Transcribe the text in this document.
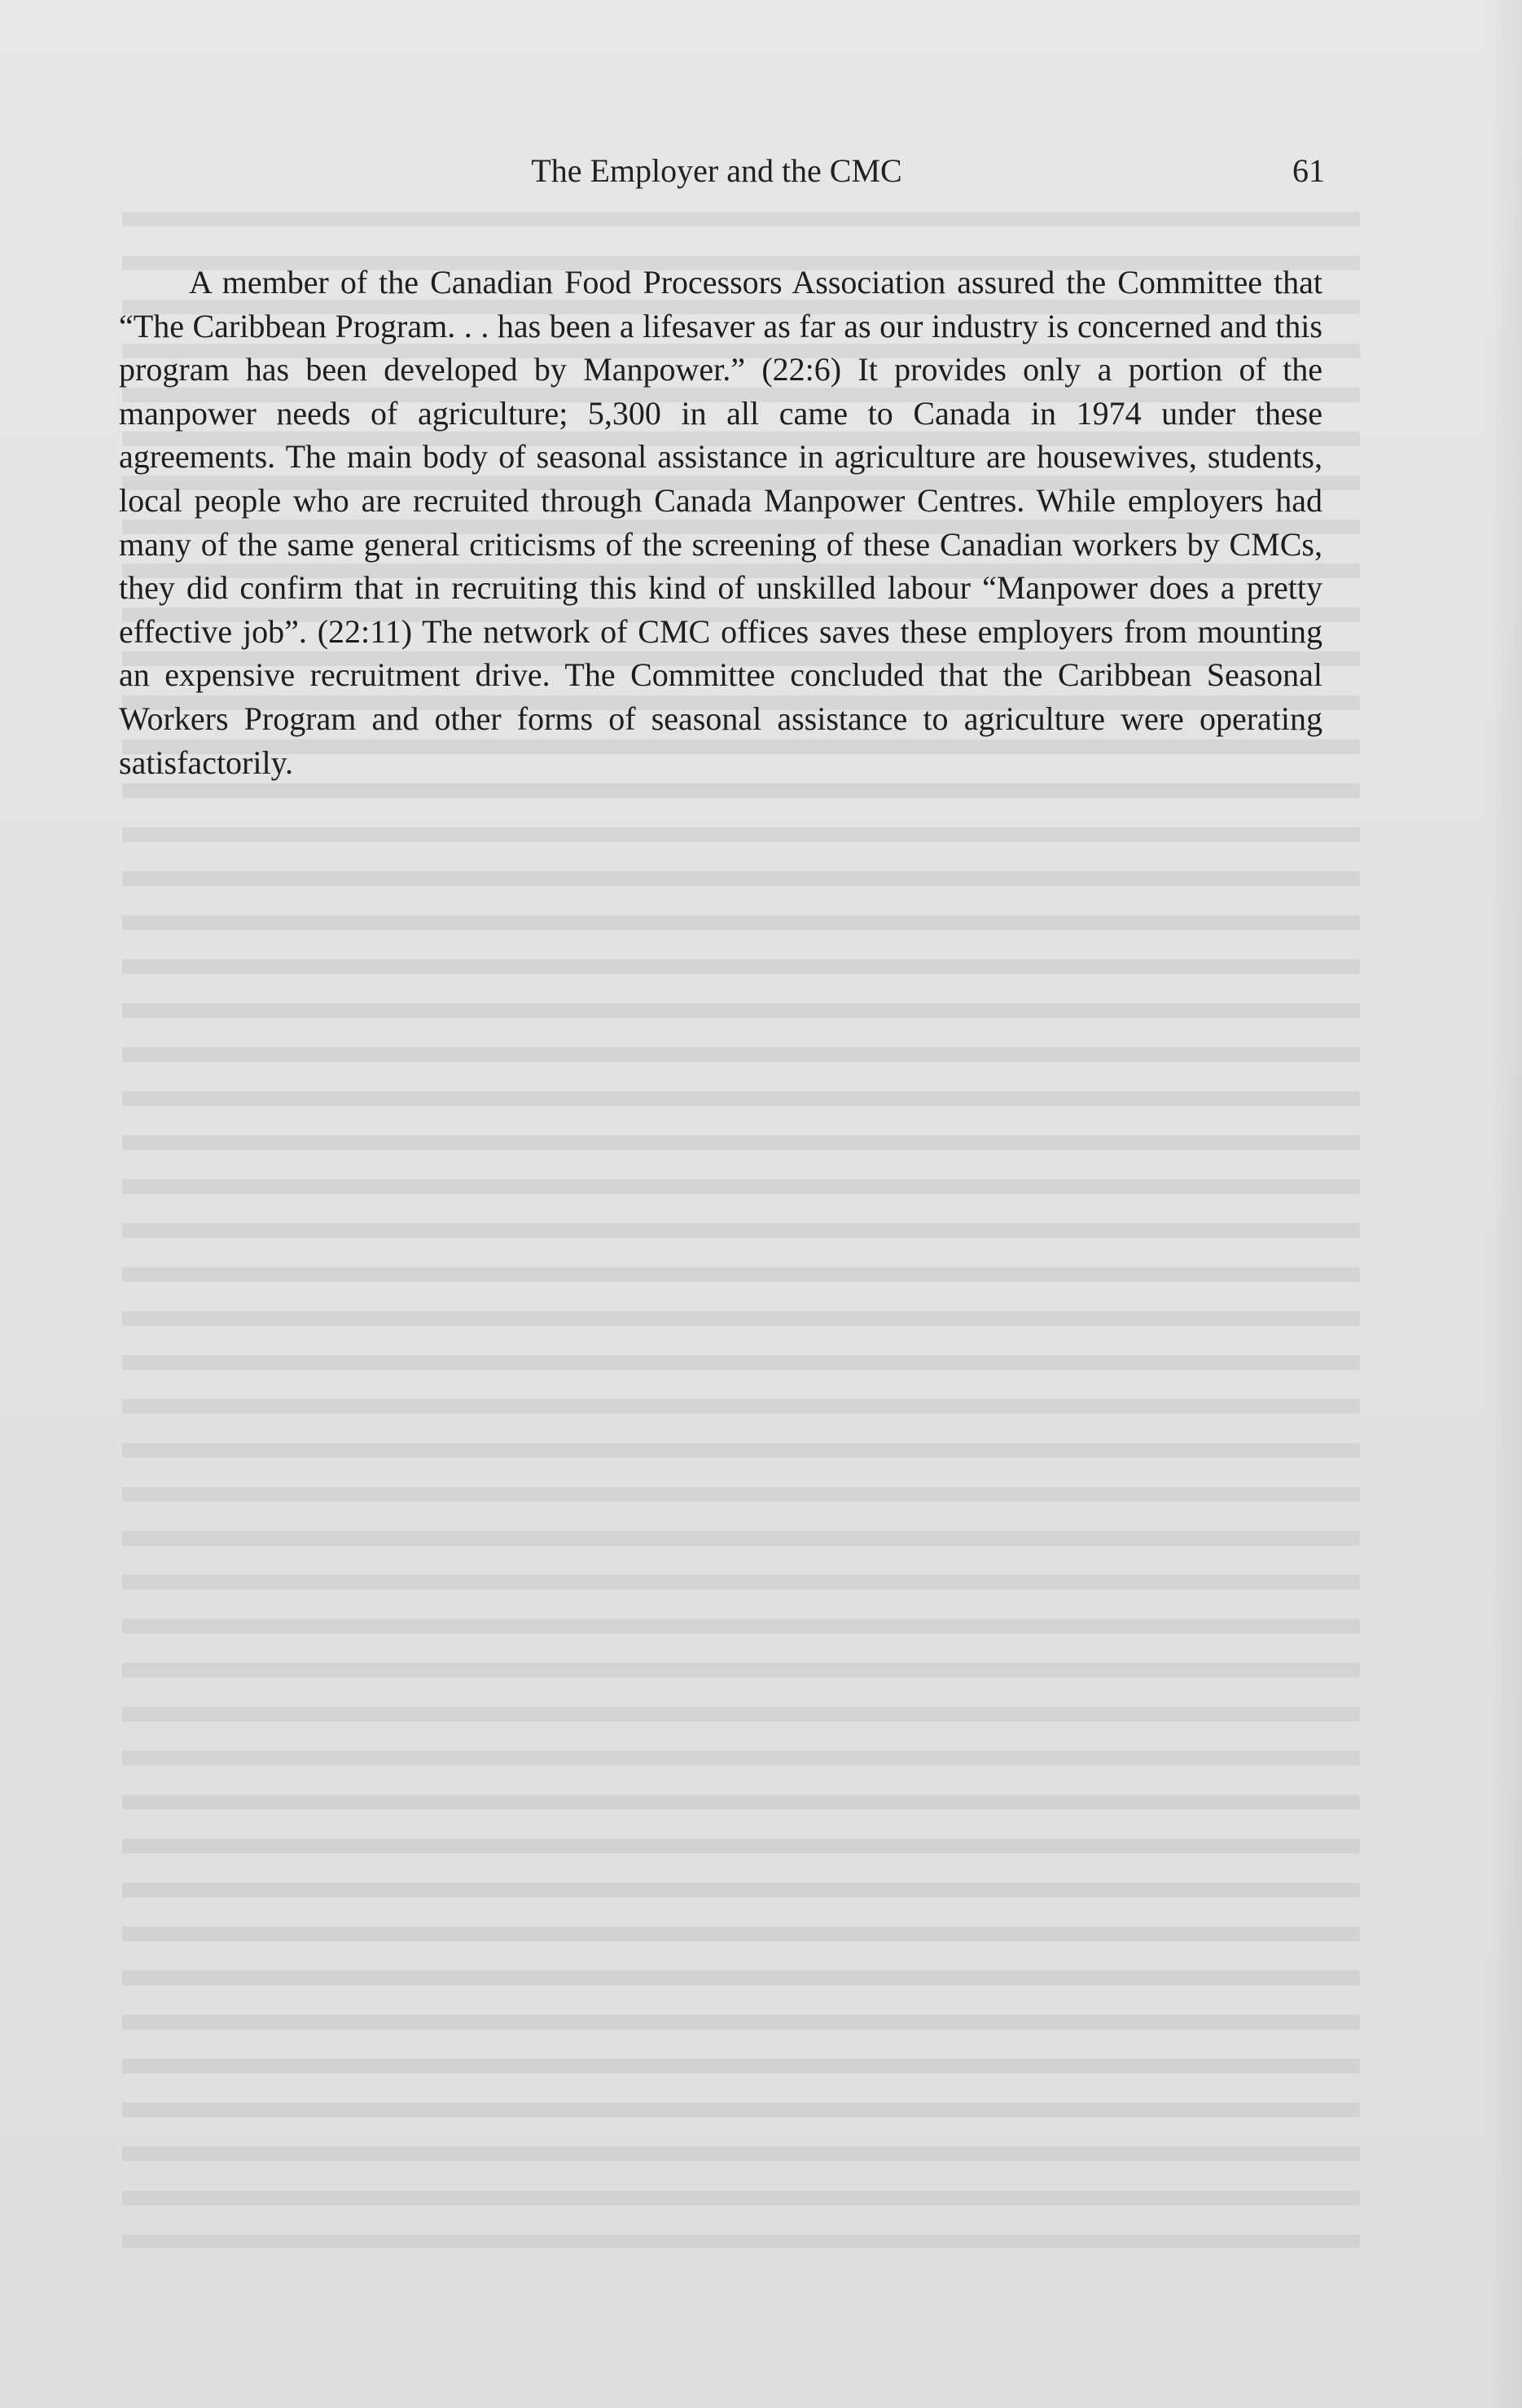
The Employer and the CMC	61

A member of the Canadian Food Processors Association assured the Committee that “The Caribbean Program. . . has been a lifesaver as far as our industry is concerned and this program has been developed by Manpower.” (22:6) It provides only a portion of the manpower needs of agriculture; 5,300 in all came to Canada in 1974 under these agreements. The main body of seasonal assistance in agriculture are housewives, students, local people who are recruited through Canada Manpower Centres. While employers had many of the same general criticisms of the screening of these Canadian workers by CMCs, they did confirm that in recruiting this kind of unskilled labour “Manpower does a pretty effective job”. (22:11) The network of CMC offices saves these employers from mounting an expensive recruitment drive. The Committee concluded that the Caribbean Seasonal Workers Program and other forms of seasonal assistance to agriculture were operating satisfactorily.
